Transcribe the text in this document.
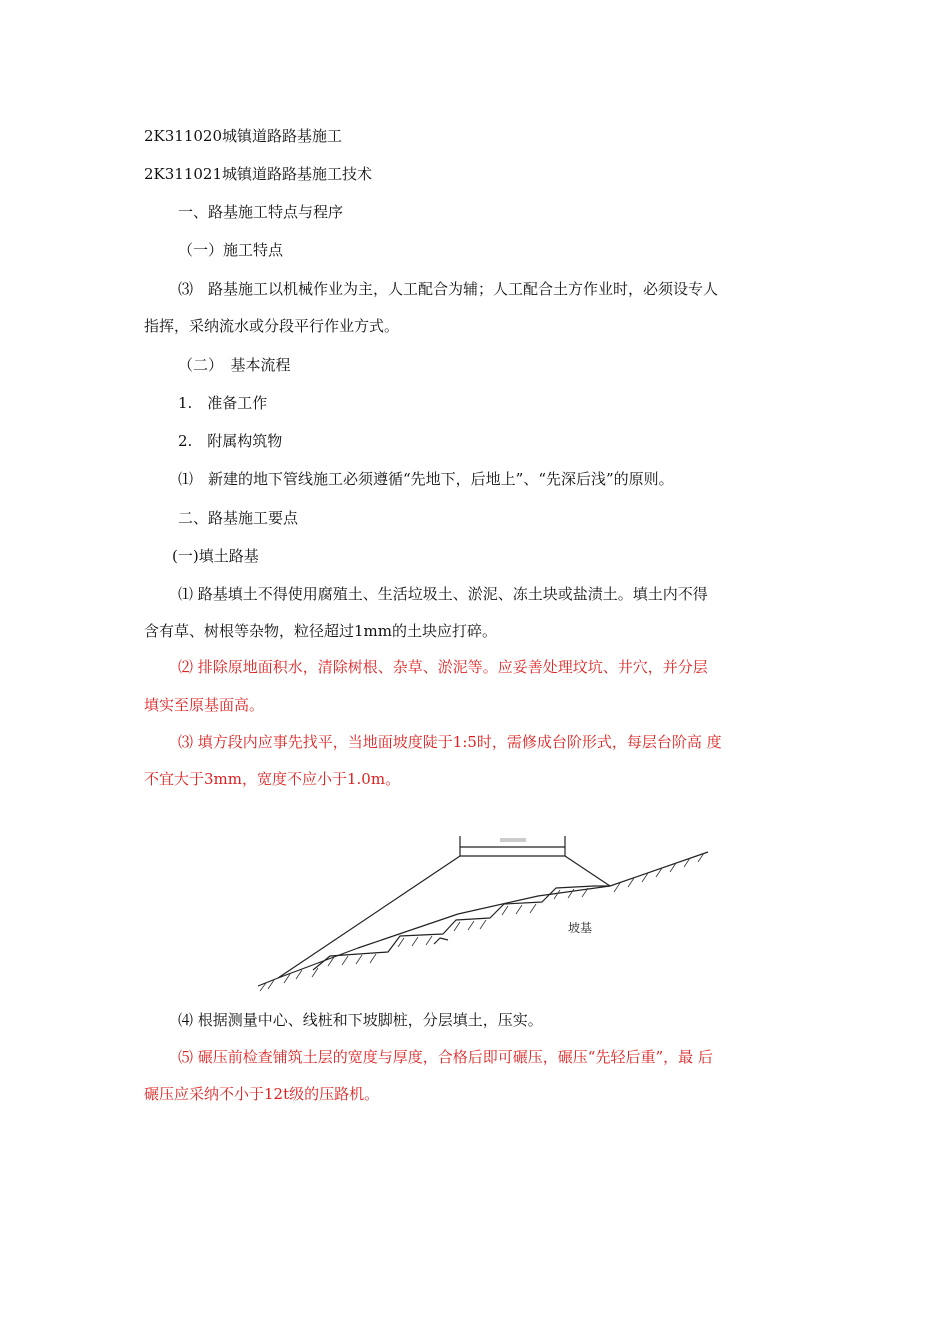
2K311020城镇道路路基施工
2K311021城镇道路路基施工技术
一、路基施工特点与程序
（一）施工特点
⑶　路基施工以机械作业为主，人工配合为辅；人工配合土方作业时，必须设专人
指挥，采纳流水或分段平行作业方式。
（二）　基本流程
1.　准备工作
2.　附属构筑物
⑴　新建的地下管线施工必须遵循“先地下，后地上”、“先深后浅”的原则。
二、路基施工要点
(一)填土路基
⑴ 路基填土不得使用腐殖土、生活垃圾土、淤泥、冻土块或盐渍土。填土内不得
含有草、树根等杂物，粒径超过1mm的土块应打碎。
⑵ 排除原地面积水，清除树根、杂草、淤泥等。应妥善处理坟坑、井穴，并分层
填实至原基面高。
⑶ 填方段内应事先找平，当地面坡度陡于1:5时，需修成台阶形式，每层台阶高 度
不宜大于3mm，宽度不应小于1.0m。
坡基
⑷ 根据测量中心、线桩和下坡脚桩，分层填土，压实。
⑸ 碾压前检查铺筑土层的宽度与厚度，合格后即可碾压，碾压“先轻后重”，最 后
碾压应采纳不小于12t级的压路机。
